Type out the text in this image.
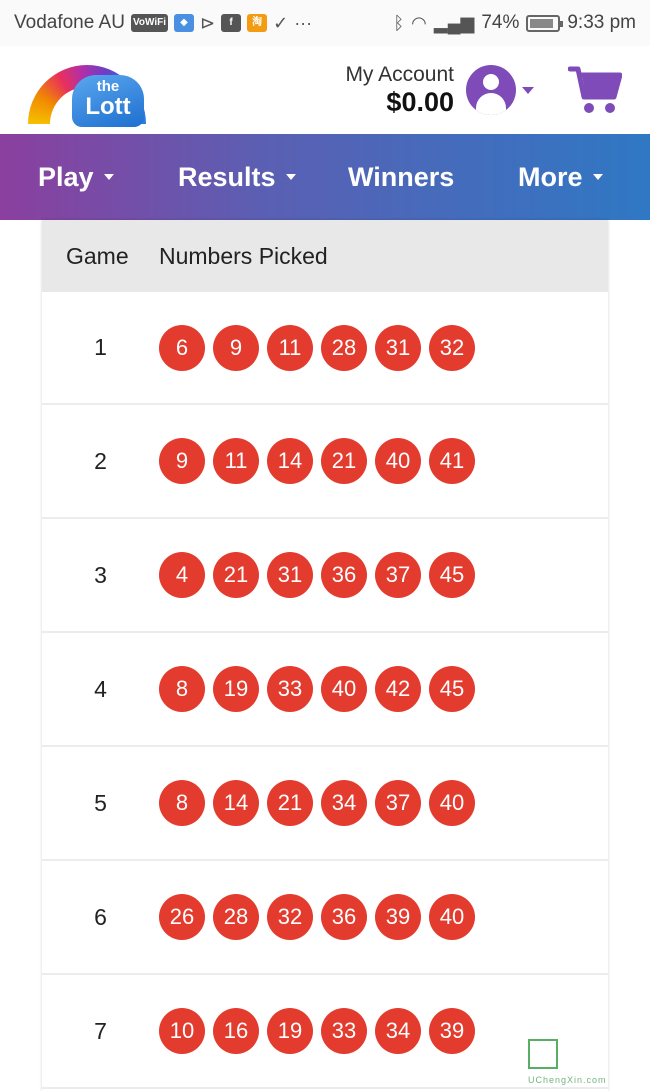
Vodafone AU VoWiFi	◆ ⊳	f	淘 ✓ ···	ᛒ ◠ ▂▄▆ 74%	9:33 pm
the
Lott
My Account
$0.00
Play	Results	Winners More
Game	Numbers Picked
1	6	9	11	28	31	32
2	9	11	14	21	40	41
3	4	21	31	36	37	45
4	8	19	33	40	42	45
5	8	14	21	34	37	40
6	26	28	32	36	39	40
7	10	16	19	33	34	39
UChengXin.com
